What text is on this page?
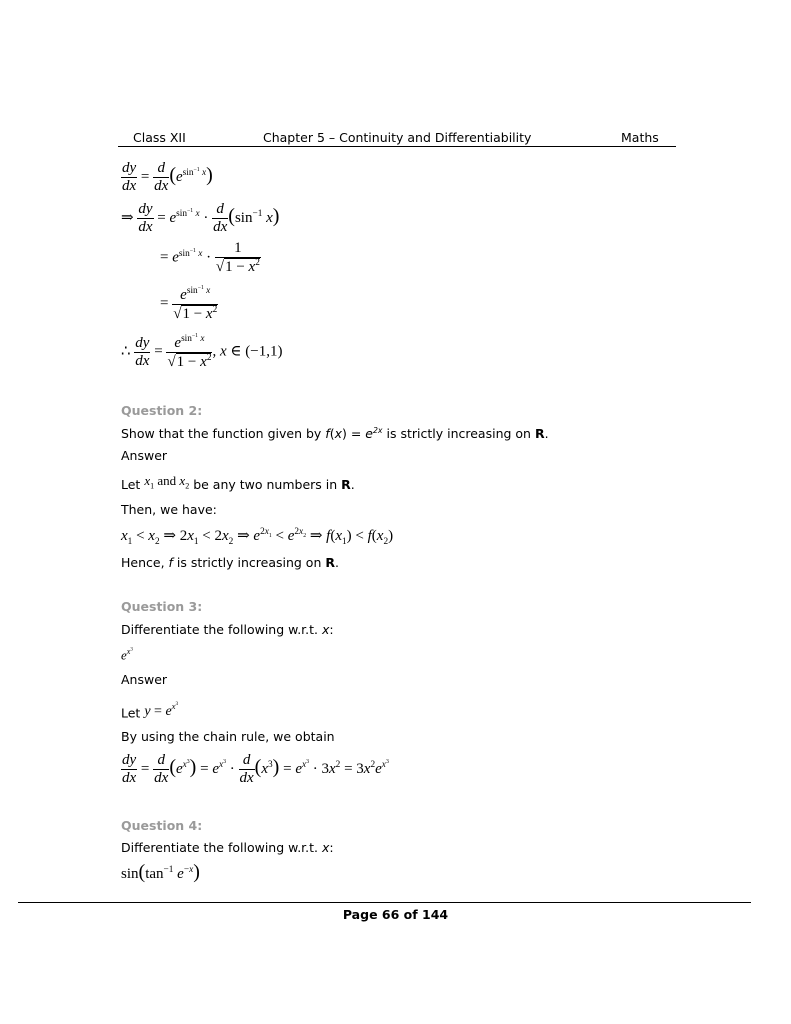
Class XII	Chapter 5 – Continuity and Differentiability	Maths
$\frac{dy}{dx} = \frac{d}{dx} (e^{sin^{-1} x})$
⇒ $\frac{dy}{dx} = e^{sin^{-1} x} \cdot \frac{d}{dx} (\sin^{-1}$ x)
= $e^{sin^{-1} x} \cdot \frac{1}{√1 - x^2}$
= $\frac{e^{sin^{-1} x}}{√1 - x^2}$
∴ $\frac{dy}{dx} = \frac{e^{sin^{-1} x}}{√1 - x^2}$ , x ∈ (−1,1)
Question 2:
Show that the function given by $f(x) = e^{2x}$ is strictly increasing on R.
Answer
Let $x_1$ and $x_2$ be any two numbers in R.
Then, we have:
$x_1 < x_2$ ⇒ $2x_1 < 2x_2$ ⇒ $e^{2x_1} < e^{2x_2}$ ⇒ $f(x_1) < f(x_2)$
Hence, f is strictly increasing on R.
Question 3:
Differentiate the following w.r.t. x:
$e^{x^3}$
Answer
Let $y = e^{x^3}$
By using the chain rule, we obtain
$\frac{dy}{dx} = \frac{d}{dx} (e^{x^3}) = e^{x^3} \cdot \frac{d}{dx} (x^3) = e^{x^3} \cdot 3x^2 = 3x^2e^{x^3}$
Question 4:
Differentiate the following w.r.t. x:
$\sin(\tan^{-1}$ $e^{-x}$)
Page 66 of 144
